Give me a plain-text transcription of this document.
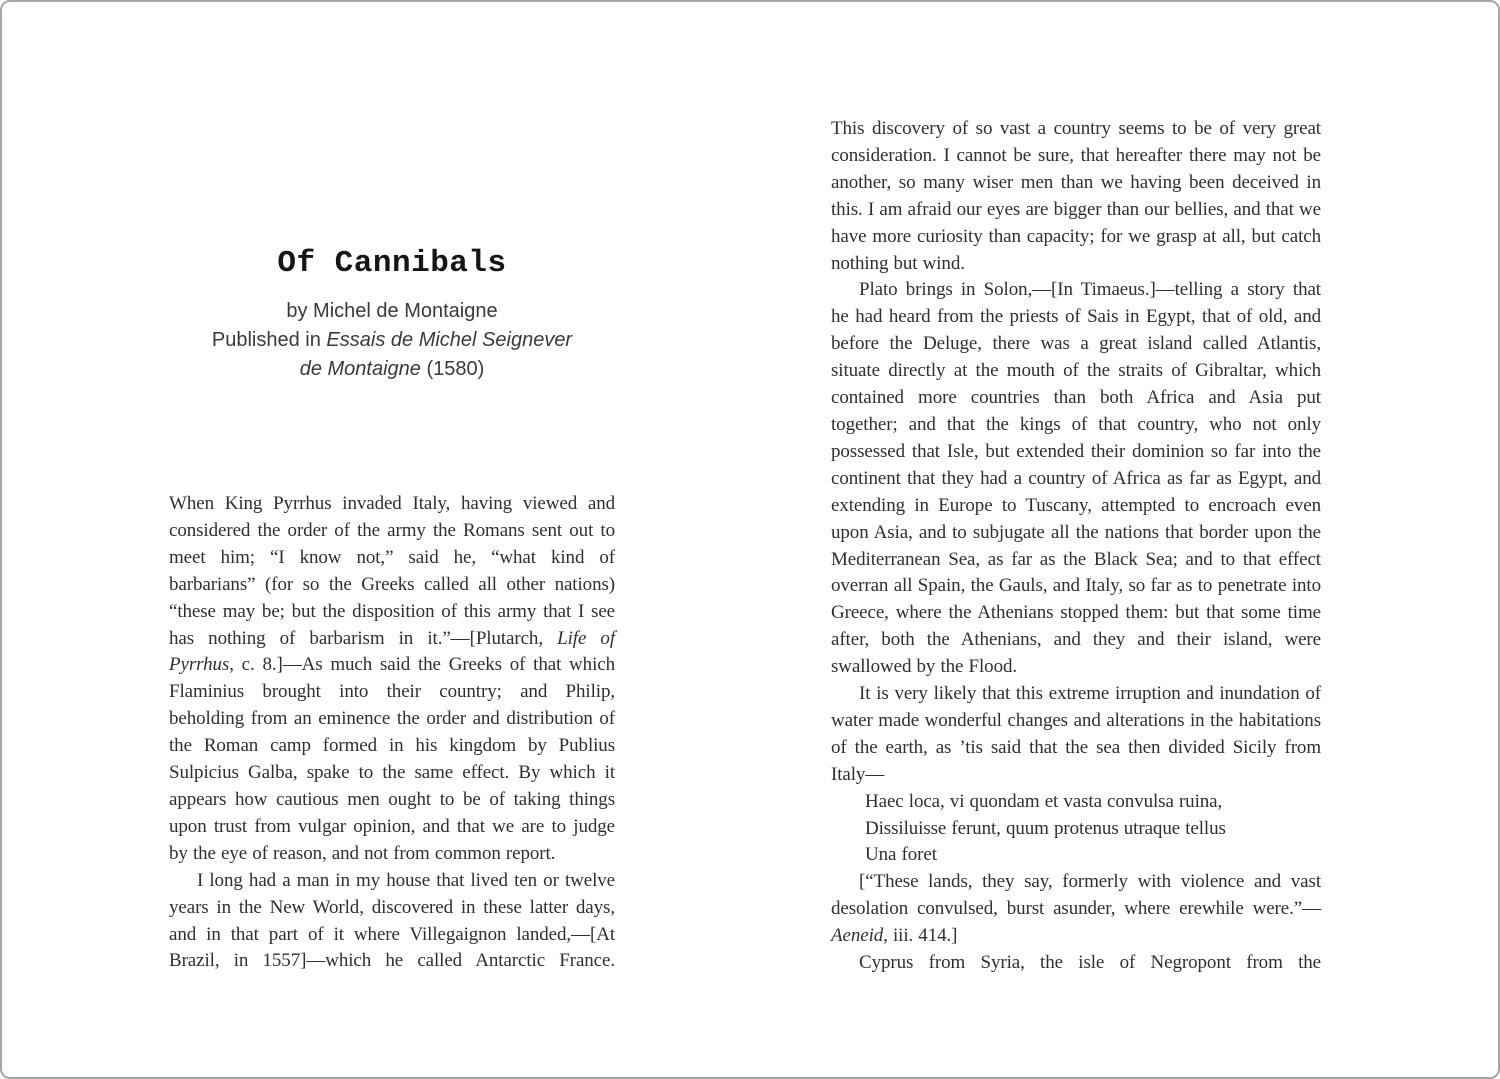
Of Cannibals
by Michel de Montaigne
Published in Essais de Michel Seignever
de Montaigne (1580)

When King Pyrrhus invaded Italy, having viewed and considered the order of the army the Romans sent out to meet him; “I know not,” said he, “what kind of barbarians” (for so the Greeks called all other nations) “these may be; but the disposition of this army that I see has nothing of barbarism in it.”—[Plutarch, Life of Pyrrhus, c. 8.]—As much said the Greeks of that which Flaminius brought into their country; and Philip, beholding from an eminence the order and distribution of the Roman camp formed in his kingdom by Publius Sulpicius Galba, spake to the same effect. By which it appears how cautious men ought to be of taking things upon trust from vulgar opinion, and that we are to judge by the eye of reason, and not from common report.

I long had a man in my house that lived ten or twelve years in the New World, discovered in these latter days, and in that part of it where Villegaignon landed,—[At Brazil, in 1557]—which he called Antarctic France.

This discovery of so vast a country seems to be of very great consideration. I cannot be sure, that hereafter there may not be another, so many wiser men than we having been deceived in this. I am afraid our eyes are bigger than our bellies, and that we have more curiosity than capacity; for we grasp at all, but catch nothing but wind.

Plato brings in Solon,—[In Timaeus.]—telling a story that he had heard from the priests of Sais in Egypt, that of old, and before the Deluge, there was a great island called Atlantis, situate directly at the mouth of the straits of Gibraltar, which contained more countries than both Africa and Asia put together; and that the kings of that country, who not only possessed that Isle, but extended their dominion so far into the continent that they had a country of Africa as far as Egypt, and extending in Europe to Tuscany, attempted to encroach even upon Asia, and to subjugate all the nations that border upon the Mediterranean Sea, as far as the Black Sea; and to that effect overran all Spain, the Gauls, and Italy, so far as to penetrate into Greece, where the Athenians stopped them: but that some time after, both the Athenians, and they and their island, were swallowed by the Flood.

It is very likely that this extreme irruption and inundation of water made wonderful changes and alterations in the habitations of the earth, as ’tis said that the sea then divided Sicily from Italy—

Haec loca, vi quondam et vasta convulsa ruina,
Dissiluisse ferunt, quum protenus utraque tellus
Una foret

[“These lands, they say, formerly with violence and vast desolation convulsed, burst asunder, where erewhile were.”—Aeneid, iii. 414.]

Cyprus from Syria, the isle of Negropont from the
